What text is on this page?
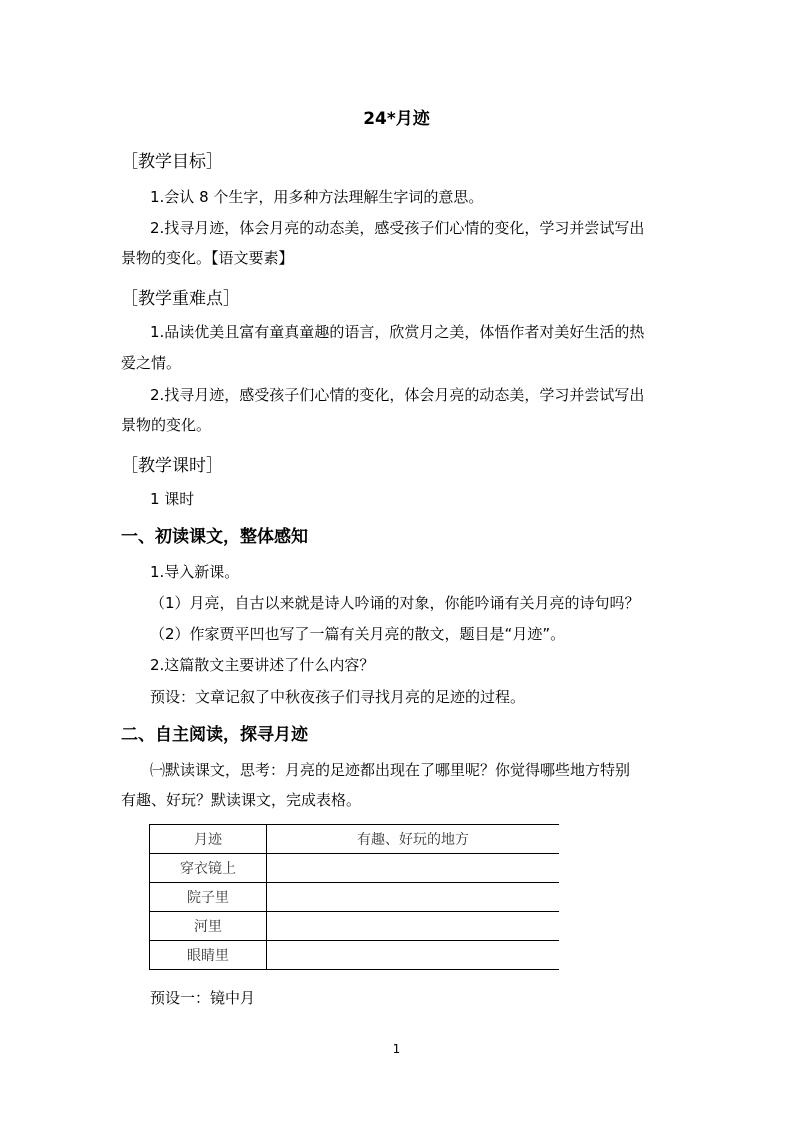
24*月迹
［教学目标］
1.会认 8 个生字，用多种方法理解生字词的意思。
2.找寻月迹，体会月亮的动态美，感受孩子们心情的变化，学习并尝试写出
景物的变化。【语文要素】
［教学重难点］
1.品读优美且富有童真童趣的语言，欣赏月之美，体悟作者对美好生活的热
爱之情。
2.找寻月迹，感受孩子们心情的变化，体会月亮的动态美，学习并尝试写出
景物的变化。
［教学课时］
1 课时
一、初读课文，整体感知
1.导入新课。
（1）月亮，自古以来就是诗人吟诵的对象，你能吟诵有关月亮的诗句吗？
（2）作家贾平凹也写了一篇有关月亮的散文，题目是“月迹”。
2.这篇散文主要讲述了什么内容？
预设：文章记叙了中秋夜孩子们寻找月亮的足迹的过程。
二、自主阅读，探寻月迹
㈠默读课文，思考：月亮的足迹都出现在了哪里呢？你觉得哪些地方特别
有趣、好玩？默读课文，完成表格。
月迹	有趣、好玩的地方
穿衣镜上	
院子里	
河里	
眼睛里	
预设一：镜中月
1
